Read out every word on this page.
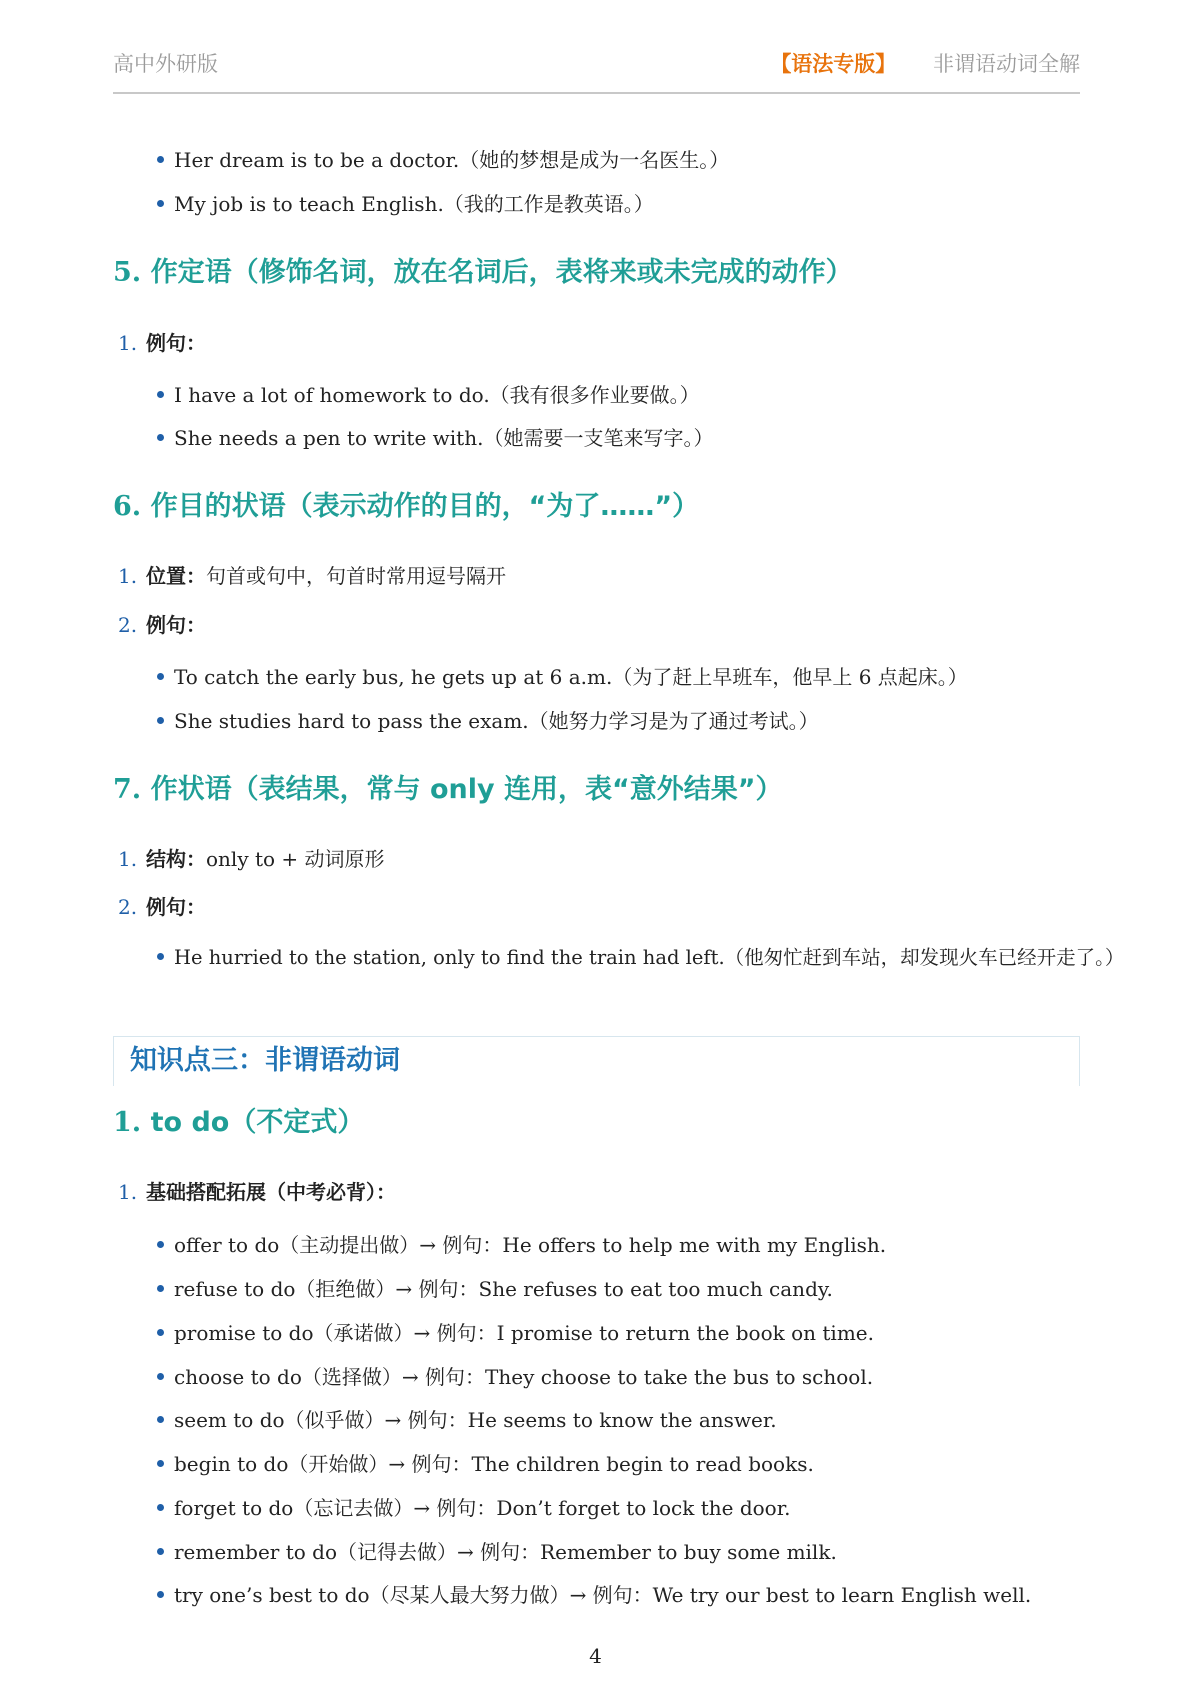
高中外研版	【语法专版】 非谓语动词全解
Her dream is to be a doctor.（她的梦想是成为一名医生。）
My job is to teach English.（我的工作是教英语。）
5. 作定语（修饰名词，放在名词后，表将来或未完成的动作）
1. 例句：
I have a lot of homework to do.（我有很多作业要做。）
She needs a pen to write with.（她需要一支笔来写字。）
6. 作目的状语（表示动作的目的，“为了……”）
1. 位置：句首或句中，句首时常用逗号隔开
2. 例句：
To catch the early bus, he gets up at 6 a.m.（为了赶上早班车，他早上 6 点起床。）
She studies hard to pass the exam.（她努力学习是为了通过考试。）
7. 作状语（表结果，常与 only 连用，表“意外结果”）
1. 结构：only to + 动词原形
2. 例句：
He hurried to the station, only to find the train had left.（他匆忙赶到车站，却发现火车已经开走了。）
知识点三：非谓语动词
1. to do（不定式）
1. 基础搭配拓展（中考必背）：
offer to do（主动提出做）→ 例句：He offers to help me with my English.
refuse to do（拒绝做）→ 例句：She refuses to eat too much candy.
promise to do（承诺做）→ 例句：I promise to return the book on time.
choose to do（选择做）→ 例句：They choose to take the bus to school.
seem to do（似乎做）→ 例句：He seems to know the answer.
begin to do（开始做）→ 例句：The children begin to read books.
forget to do（忘记去做）→ 例句：Don’t forget to lock the door.
remember to do（记得去做）→ 例句：Remember to buy some milk.
try one’s best to do（尽某人最大努力做）→ 例句：We try our best to learn English well.
4
